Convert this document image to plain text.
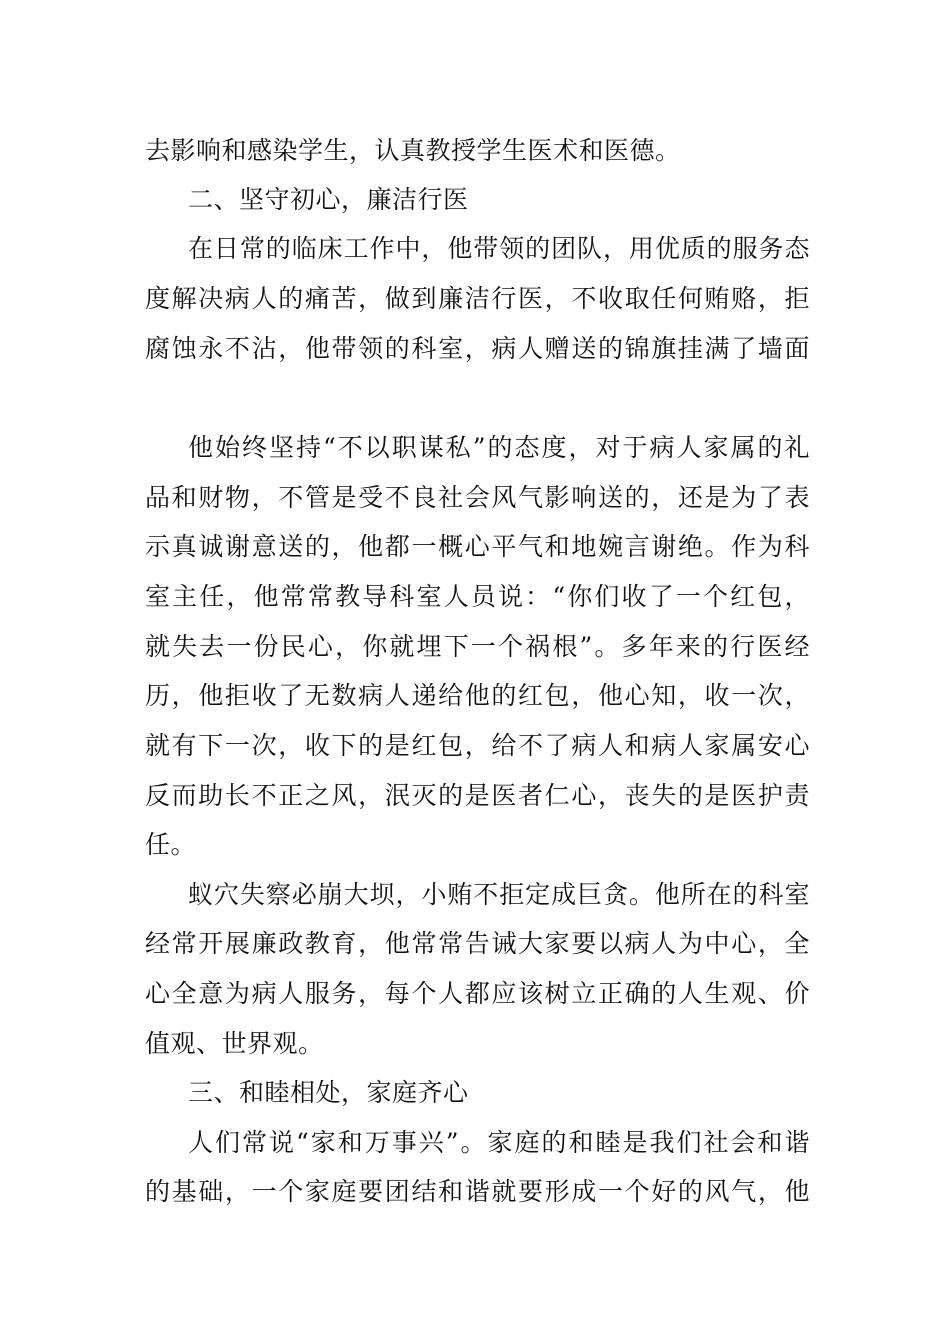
去影响和感染学生，认真教授学生医术和医德。
二、坚守初心，廉洁行医
在日常的临床工作中，他带领的团队，用优质的服务态
度解决病人的痛苦，做到廉洁行医，不收取任何贿赂，拒
腐蚀永不沾，他带领的科室，病人赠送的锦旗挂满了墙面
他始终坚持“不以职谋私”的态度，对于病人家属的礼
品和财物，不管是受不良社会风气影响送的，还是为了表
示真诚谢意送的，他都一概心平气和地婉言谢绝。作为科
室主任，他常常教导科室人员说：“你们收了一个红包，
就失去一份民心，你就埋下一个祸根”。多年来的行医经
历，他拒收了无数病人递给他的红包，他心知，收一次，
就有下一次，收下的是红包，给不了病人和病人家属安心
反而助长不正之风，泯灭的是医者仁心，丧失的是医护责
任。
蚁穴失察必崩大坝，小贿不拒定成巨贪。他所在的科室
经常开展廉政教育，他常常告诫大家要以病人为中心，全
心全意为病人服务，每个人都应该树立正确的人生观、价
值观、世界观。
三、和睦相处，家庭齐心
人们常说“家和万事兴”。家庭的和睦是我们社会和谐
的基础，一个家庭要团结和谐就要形成一个好的风气，他
